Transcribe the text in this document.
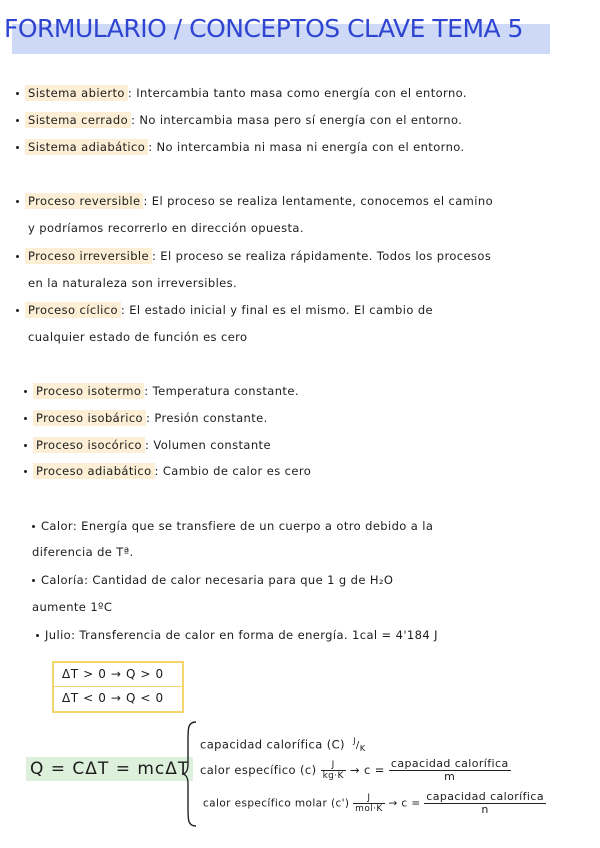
FORMULARIO / CONCEPTOS CLAVE TEMA 5
Sistema abierto : Intercambia tanto masa como energía con el entorno.
Sistema cerrado : No intercambia masa pero sí energía con el entorno.
Sistema adiabático : No intercambia ni masa ni energía con el entorno.
Proceso reversible : El proceso se realiza lentamente, conocemos el camino
y podríamos recorrerlo en dirección opuesta.
Proceso irreversible : El proceso se realiza rápidamente. Todos los procesos
en la naturaleza son irreversibles.
Proceso cíclico : El estado inicial y final es el mismo. El cambio de
cualquier estado de función es cero
Proceso isotermo : Temperatura constante.
Proceso isobárico : Presión constante.
Proceso isocórico : Volumen constante
Proceso adiabático : Cambio de calor es cero
Calor: Energía que se transfiere de un cuerpo a otro debido a la
diferencia de Tª.
Caloría: Cantidad de calor necesaria para que 1 g de H₂O
aumente 1ºC
Julio: Transferencia de calor en forma de energía. 1cal = 4'184 J
ΔT > 0 → Q > 0
ΔT < 0 → Q < 0
Q = CΔT = mcΔT
capacidad calorífica (C) $^J/_K$
calor específico $(c) \frac{J}{kg\cdot K} \to c = \frac{\text{capacidad calorífica}}{m}$
calor específico molar $(c') \frac{J}{\text{mol·K}} \to c = \frac{\text{capacidad calorífica}}{n}$
